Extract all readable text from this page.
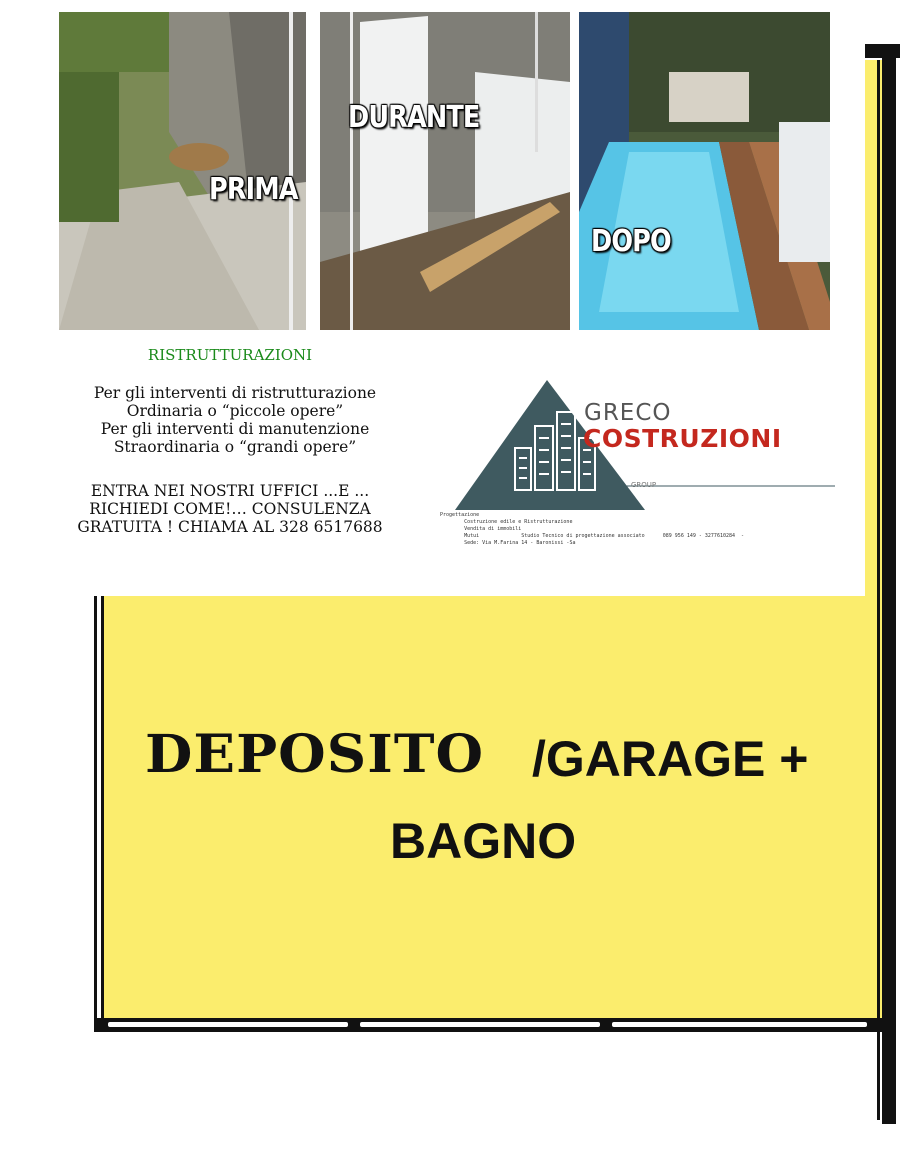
DEPOSITO /GARAGE +
BAGNO
PRIMA
DURANTE
DOPO
RISTRUTTURAZIONI
Per gli interventi di ristrutturazione
Ordinaria o “piccole opere”
Per gli interventi di manutenzione
Straordinaria o “grandi opere”
ENTRA NEI NOSTRI UFFICI ...E ...
RICHIEDI COME!… CONSULENZA
GRATUITA ! CHIAMA AL 328 6517688
GRECO
COSTRUZIONI
GROUP
Progettazione
Costruzione edile e Ristrutturazione
Vendita di immobili
Mutui              Studio Tecnico di progettazione associato      089 956 149 - 3277610284  -
Sede: Via M.Farina 14 - Baronissi -Sa
